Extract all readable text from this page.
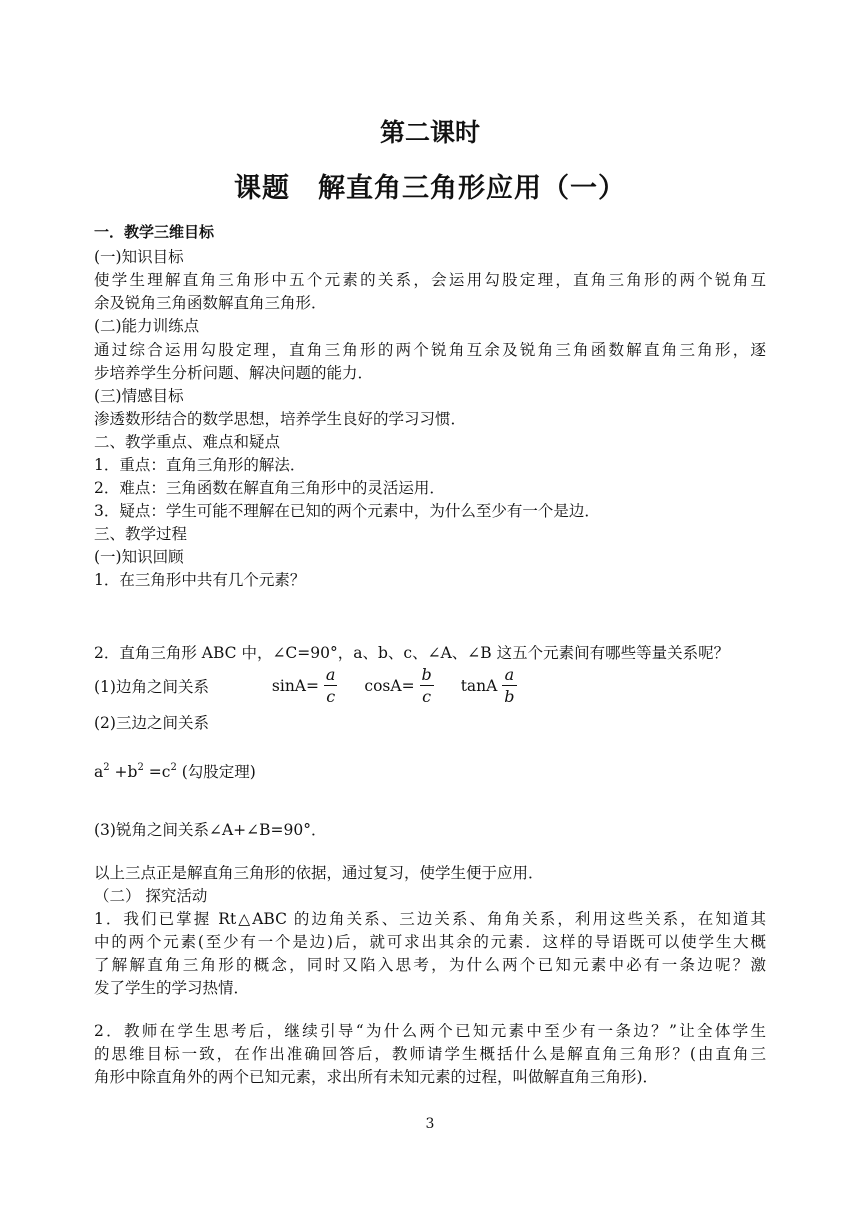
第二课时
课题 解直角三角形应用（一）
一．教学三维目标
(一)知识目标
使学生理解直角三角形中五个元素的关系，会运用勾股定理，直角三角形的两个锐角互
余及锐角三角函数解直角三角形．
(二)能力训练点
通过综合运用勾股定理，直角三角形的两个锐角互余及锐角三角函数解直角三角形，逐
步培养学生分析问题、解决问题的能力．
(三)情感目标
渗透数形结合的数学思想，培养学生良好的学习习惯．
二、教学重点、难点和疑点
1．重点：直角三角形的解法．
2．难点：三角函数在解直角三角形中的灵活运用．
3．疑点：学生可能不理解在已知的两个元素中，为什么至少有一个是边．
三、教学过程
(一)知识回顾
1．在三角形中共有几个元素？
2．直角三角形 ABC 中，∠C=90°，a、b、c、∠A、∠B 这五个元素间有哪些等量关系呢？
(1)边角之间关系	$\sin A= \frac{a}{c} \cos A= \frac{b}{c}$ tanA $\frac{a}{b}$
(2)三边之间关系
$a^2 +b^2 =c^2$ (勾股定理)
(3)锐角之间关系∠A+∠B=90°．
以上三点正是解直角三角形的依据，通过复习，使学生便于应用．
（二） 探究活动
1．我们已掌握 Rt△ABC 的边角关系、三边关系、角角关系，利用这些关系，在知道其
中的两个元素(至少有一个是边)后，就可求出其余的元素．这样的导语既可以使学生大概
了解解直角三角形的概念，同时又陷入思考，为什么两个已知元素中必有一条边呢？激
发了学生的学习热情．
2．教师在学生思考后，继续引导“为什么两个已知元素中至少有一条边？”让全体学生
的思维目标一致，在作出准确回答后，教师请学生概括什么是解直角三角形？(由直角三
角形中除直角外的两个已知元素，求出所有未知元素的过程，叫做解直角三角形)．
3
